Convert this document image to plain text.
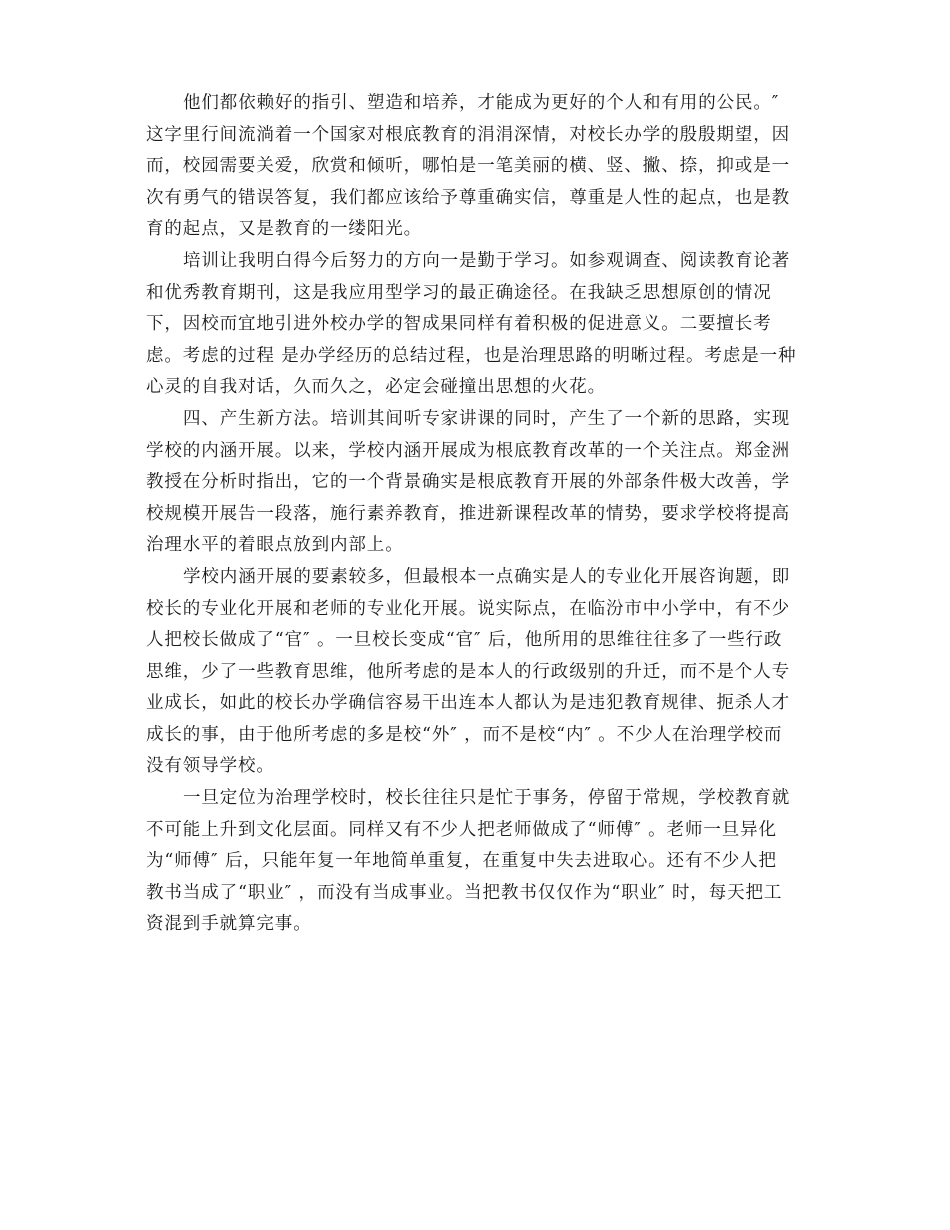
他们都依赖好的指引、塑造和培养，才能成为更好的个人和有用的公民。″
这字里行间流淌着一个国家对根底教育的涓涓深情，对校长办学的殷殷期望，因
而，校园需要关爱，欣赏和倾听，哪怕是一笔美丽的横、竖、撇、捺，抑或是一
次有勇气的错误答复，我们都应该给予尊重确实信，尊重是人性的起点，也是教
育的起点，又是教育的一缕阳光。
培训让我明白得今后努力的方向一是勤于学习。如参观调查、阅读教育论著
和优秀教育期刊，这是我应用型学习的最正确途径。在我缺乏思想原创的情况
下，因校而宜地引进外校办学的智成果同样有着积极的促进意义。二要擅长考
虑。考虑的过程 是办学经历的总结过程，也是治理思路的明晰过程。考虑是一种
心灵的自我对话，久而久之，必定会碰撞出思想的火花。
四、产生新方法。培训其间听专家讲课的同时，产生了一个新的思路，实现
学校的内涵开展。以来，学校内涵开展成为根底教育改革的一个关注点。郑金洲
教授在分析时指出，它的一个背景确实是根底教育开展的外部条件极大改善，学
校规模开展告一段落，施行素养教育，推进新课程改革的情势，要求学校将提高
治理水平的着眼点放到内部上。
学校内涵开展的要素较多，但最根本一点确实是人的专业化开展咨询题，即
校长的专业化开展和老师的专业化开展。说实际点，在临汾市中小学中，有不少
人把校长做成了“官″ 。一旦校长变成“官″ 后，他所用的思维往往多了一些行政
思维，少了一些教育思维，他所考虑的是本人的行政级别的升迁，而不是个人专
业成长，如此的校长办学确信容易干出连本人都认为是违犯教育规律、扼杀人才
成长的事，由于他所考虑的多是校“外″ ，而不是校“内″ 。不少人在治理学校而
没有领导学校。
一旦定位为治理学校时，校长往往只是忙于事务，停留于常规，学校教育就
不可能上升到文化层面。同样又有不少人把老师做成了“师傅″ 。老师一旦异化
为“师傅″ 后，只能年复一年地简单重复，在重复中失去进取心。还有不少人把
教书当成了“职业″ ，而没有当成事业。当把教书仅仅作为“职业″ 时，每天把工
资混到手就算完事。
